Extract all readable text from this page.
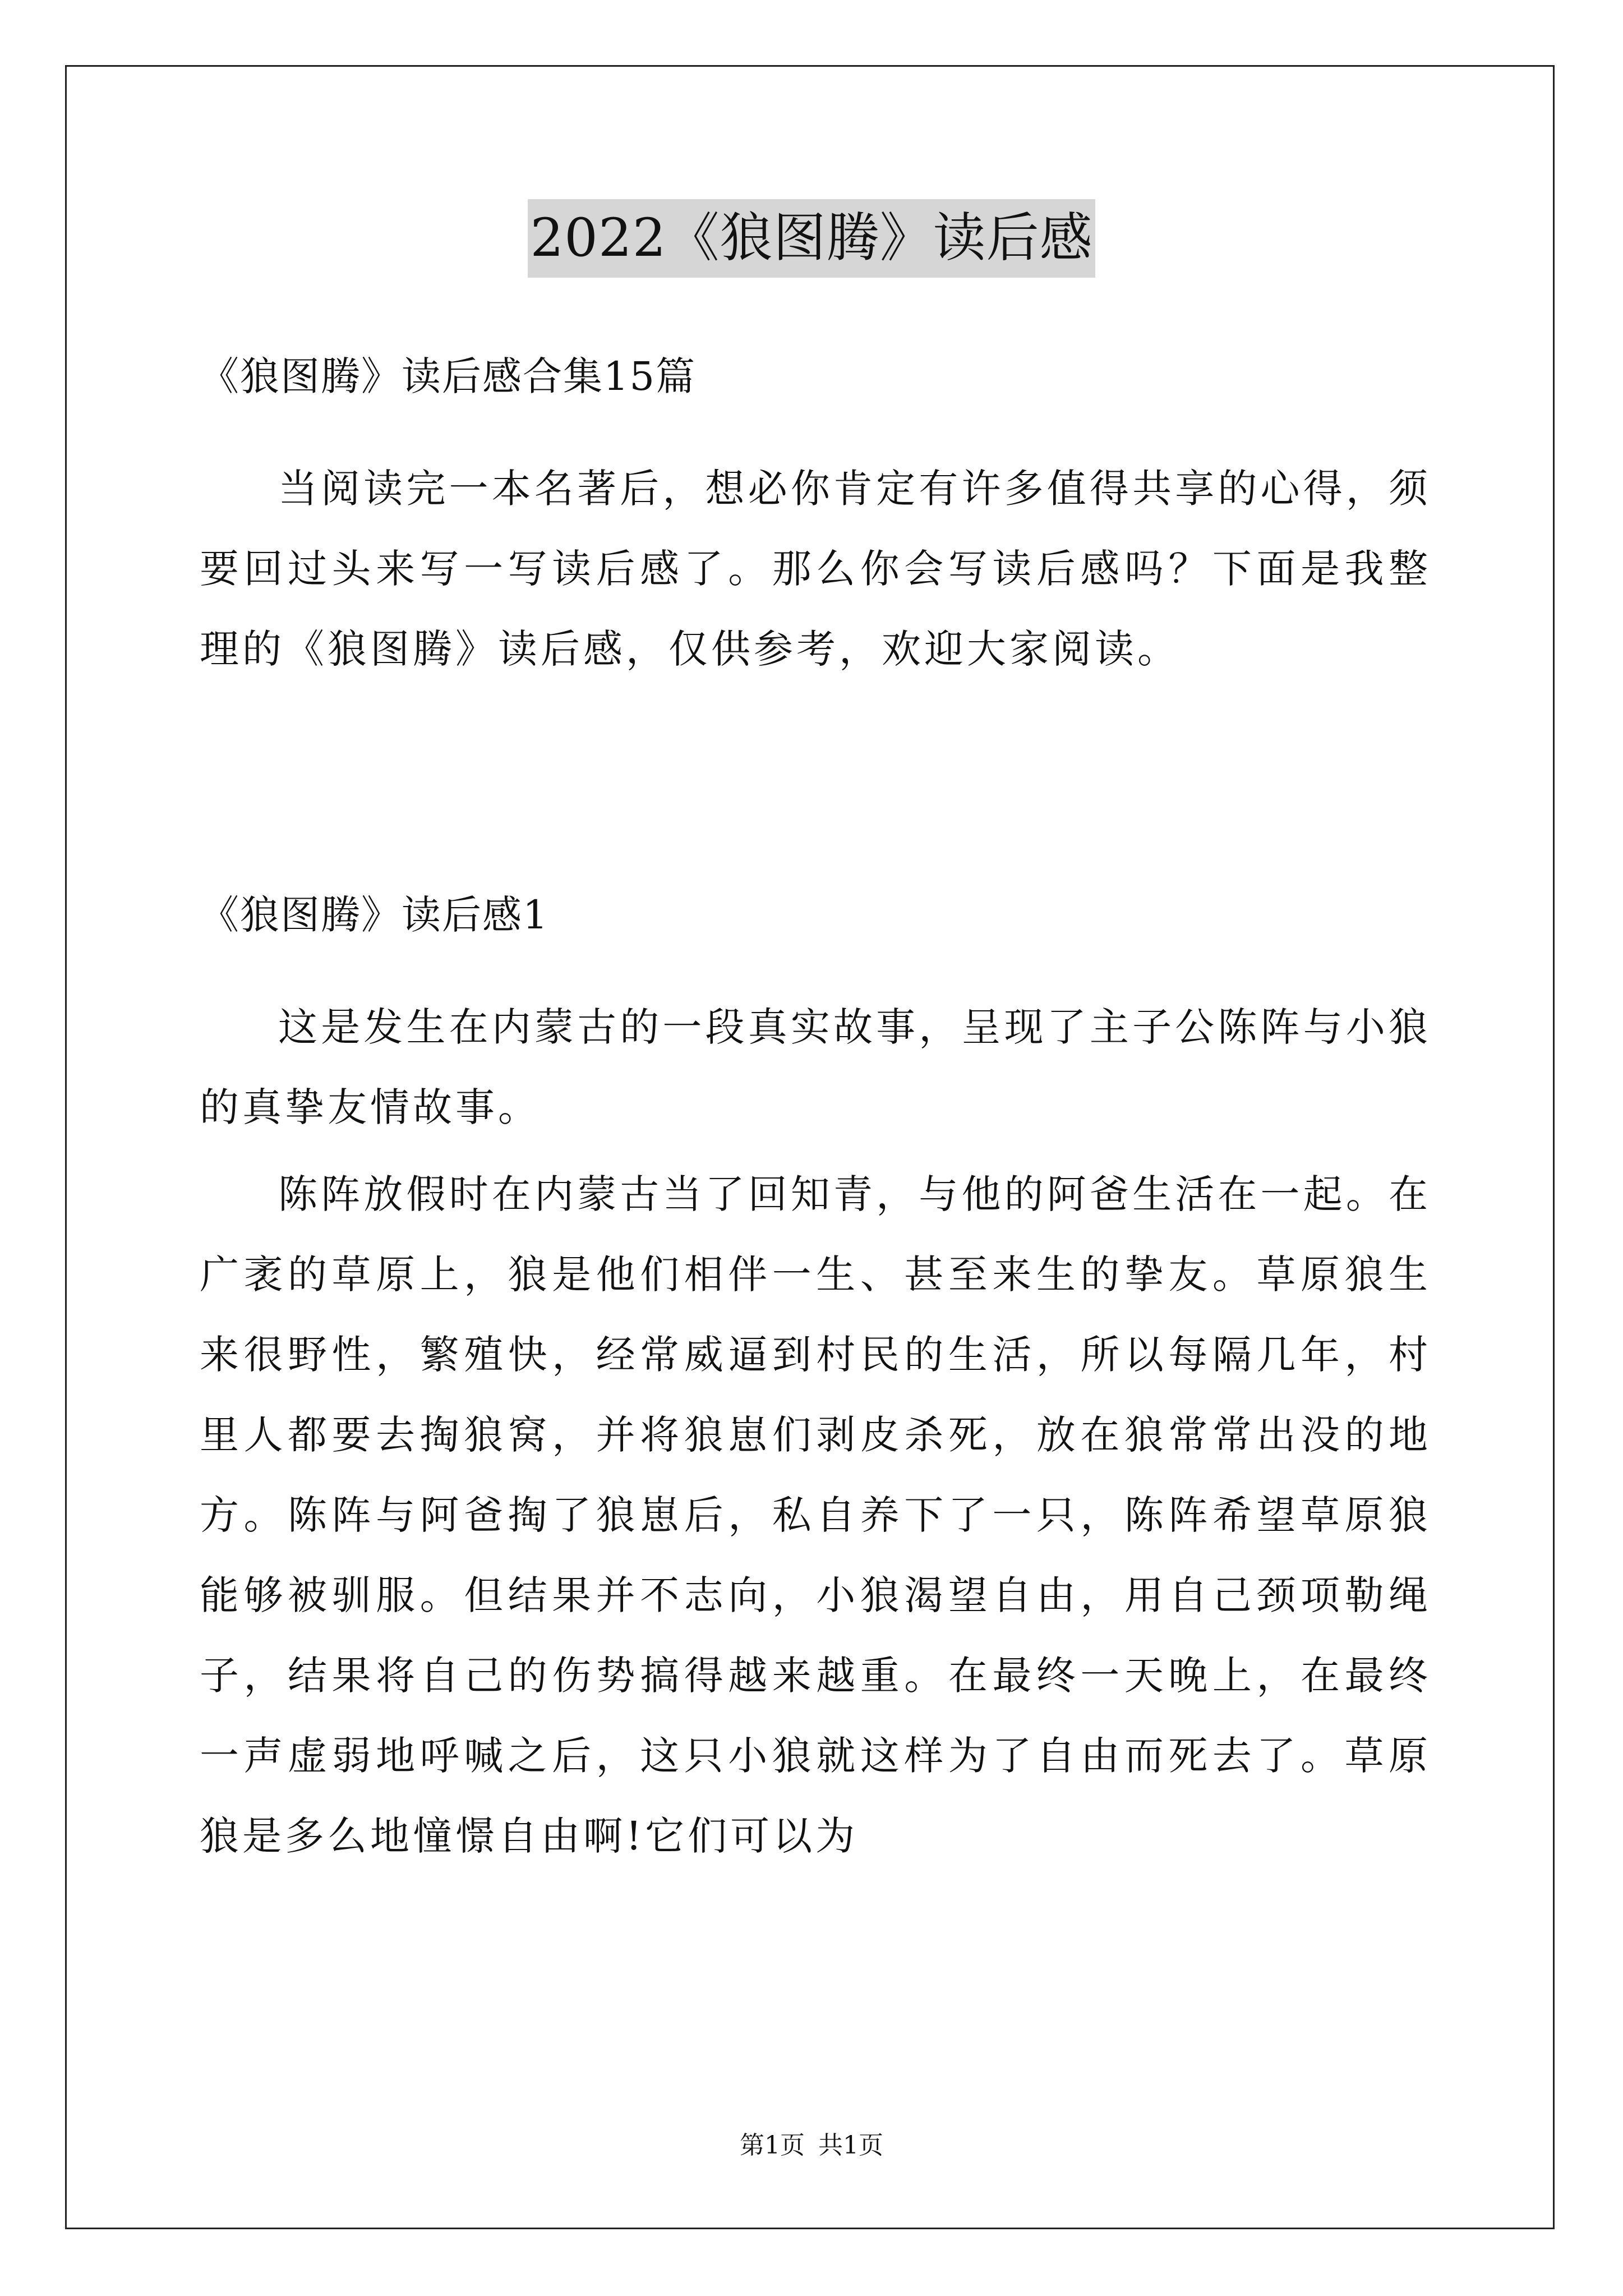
2022《狼图腾》读后感

《狼图腾》读后感合集15篇

当阅读完一本名著后，想必你肯定有许多值得共享的心得，须要回过头来写一写读后感了。那么你会写读后感吗？下面是我整理的《狼图腾》读后感，仅供参考，欢迎大家阅读。

《狼图腾》读后感1

这是发生在内蒙古的一段真实故事，呈现了主子公陈阵与小狼的真挚友情故事。

陈阵放假时在内蒙古当了回知青，与他的阿爸生活在一起。在广袤的草原上，狼是他们相伴一生、甚至来生的挚友。草原狼生来很野性，繁殖快，经常威逼到村民的生活，所以每隔几年，村里人都要去掏狼窝，并将狼崽们剥皮杀死，放在狼常常出没的地方。陈阵与阿爸掏了狼崽后，私自养下了一只，陈阵希望草原狼能够被驯服。但结果并不志向，小狼渴望自由，用自己颈项勒绳子，结果将自己的伤势搞得越来越重。在最终一天晚上，在最终一声虚弱地呼喊之后，这只小狼就这样为了自由而死去了。草原狼是多么地憧憬自由啊!它们可以为

第1页 共1页
